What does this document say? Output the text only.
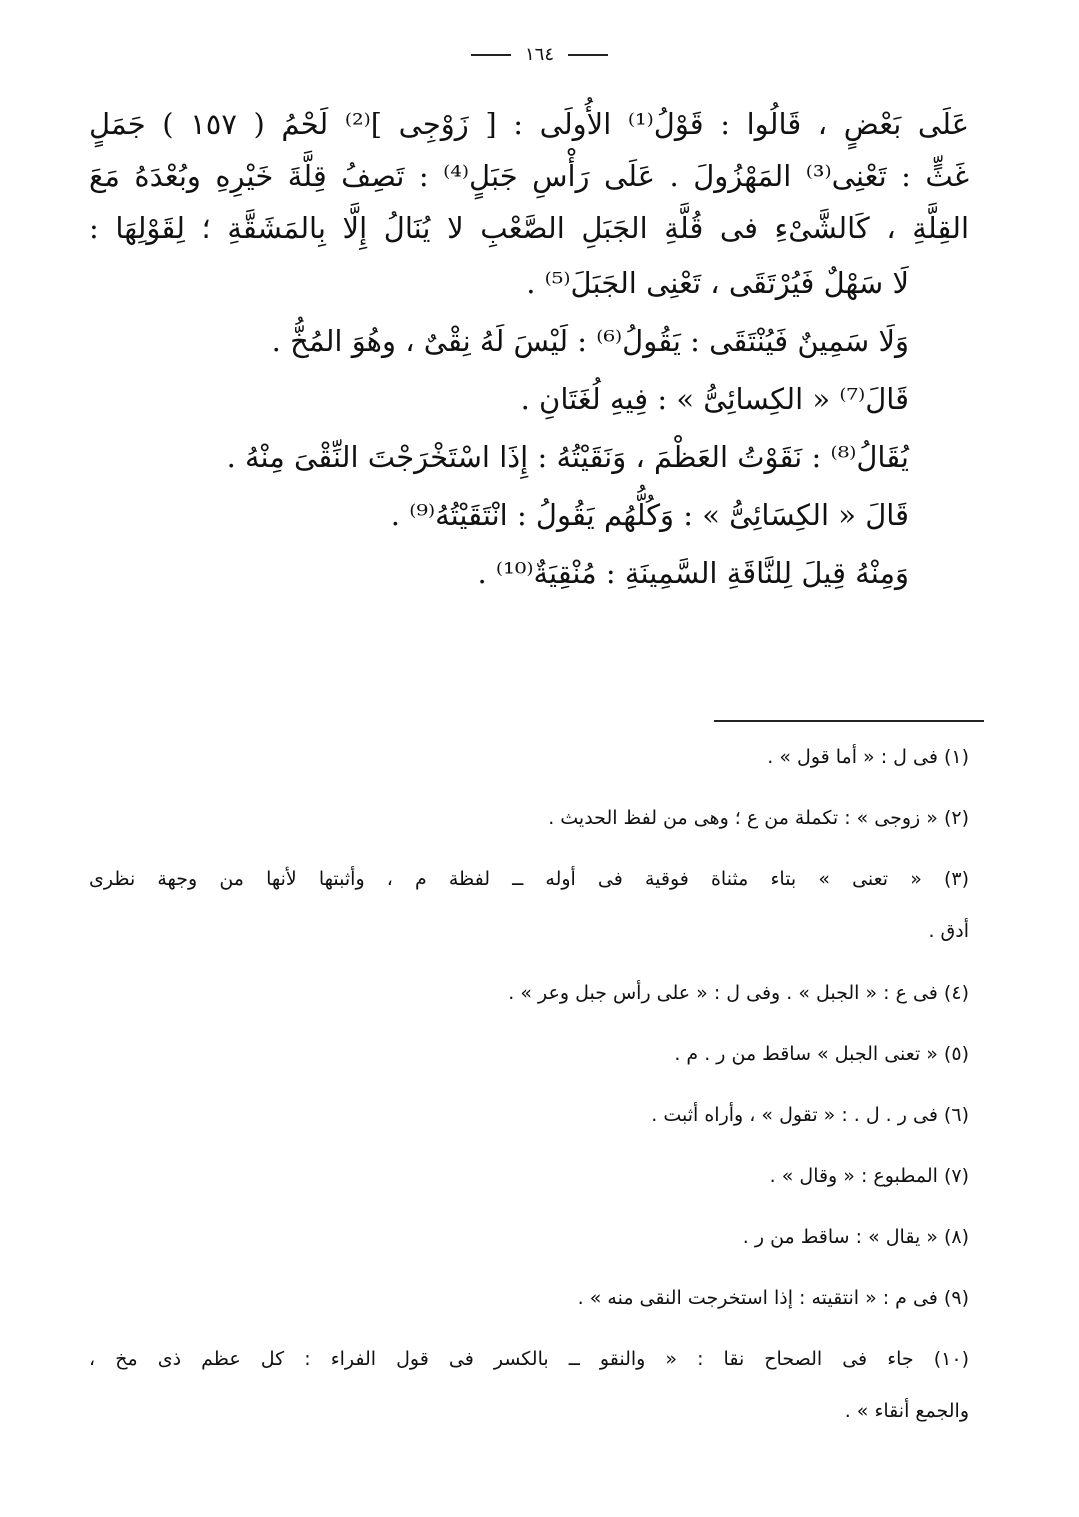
١٦٤
عَلَى بَعْضٍ ، قَالُوا : قَوْلُ⁽¹⁾ الأُولَى : [ زَوْجِى ]⁽²⁾ لَحْمُ ( ١٥٧ ) جَمَلٍ
غَثٍّ : تَعْنِى⁽³⁾ المَهْزُولَ . عَلَى رَأْسِ جَبَلٍ⁽⁴⁾ : تَصِفُ قِلَّةَ خَيْرِهِ وبُعْدَهُ مَعَ
القِلَّةِ ، كَالشَّىْءِ فى قُلَّةِ الجَبَلِ الصَّعْبِ لا يُنَالُ إِلَّا بِالمَشَقَّةِ ؛ لِقَوْلِهَا :
لَا سَهْلٌ فَيُرْتَقَى ، تَعْنِى الجَبَلَ⁽⁵⁾ .
وَلَا سَمِينٌ فَيُنْتَقَى : يَقُولُ⁽⁶⁾ : لَيْسَ لَهُ نِقْىٌ ، وهُوَ المُخُّ .
قَالَ⁽⁷⁾ « الكِسائِىُّ » : فِيهِ لُغَتَانِ .
يُقَالُ⁽⁸⁾ : نَقَوْتُ العَظْمَ ، وَنَقَيْتُهُ : إِذَا اسْتَخْرَجْتَ النِّقْىَ مِنْهُ .
قَالَ « الكِسَائِىُّ » : وَكُلُّهُم يَقُولُ : انْتَقَيْتُهُ⁽⁹⁾ .
وَمِنْهُ قِيلَ لِلنَّاقَةِ السَّمِينَةِ : مُنْقِيَةٌ⁽¹⁰⁾ .
(١) فى ل : « أما قول » .
(٢) « زوجى » : تكملة من ع ؛ وهى من لفظ الحديث .
(٣) « تعنى » بتاء مثناة فوقية فى أوله ــ لفظة م ، وأثبتها لأنها من وجهة نظرى
أدق .
(٤) فى ع : « الجبل » . وفى ل : « على رأس جبل وعر » .
(٥) « تعنى الجبل » ساقط من ر . م .
(٦) فى ر . ل . : « تقول » ، وأراه أثبت .
(٧) المطبوع : « وقال » .
(٨) « يقال » : ساقط من ر .
(٩) فى م : « انتقيته : إذا استخرجت النقى منه » .
(١٠) جاء فى الصحاح نقا : « والنقو ــ بالكسر فى قول الفراء : كل عظم ذى مخ ،
والجمع أنقاء » .
